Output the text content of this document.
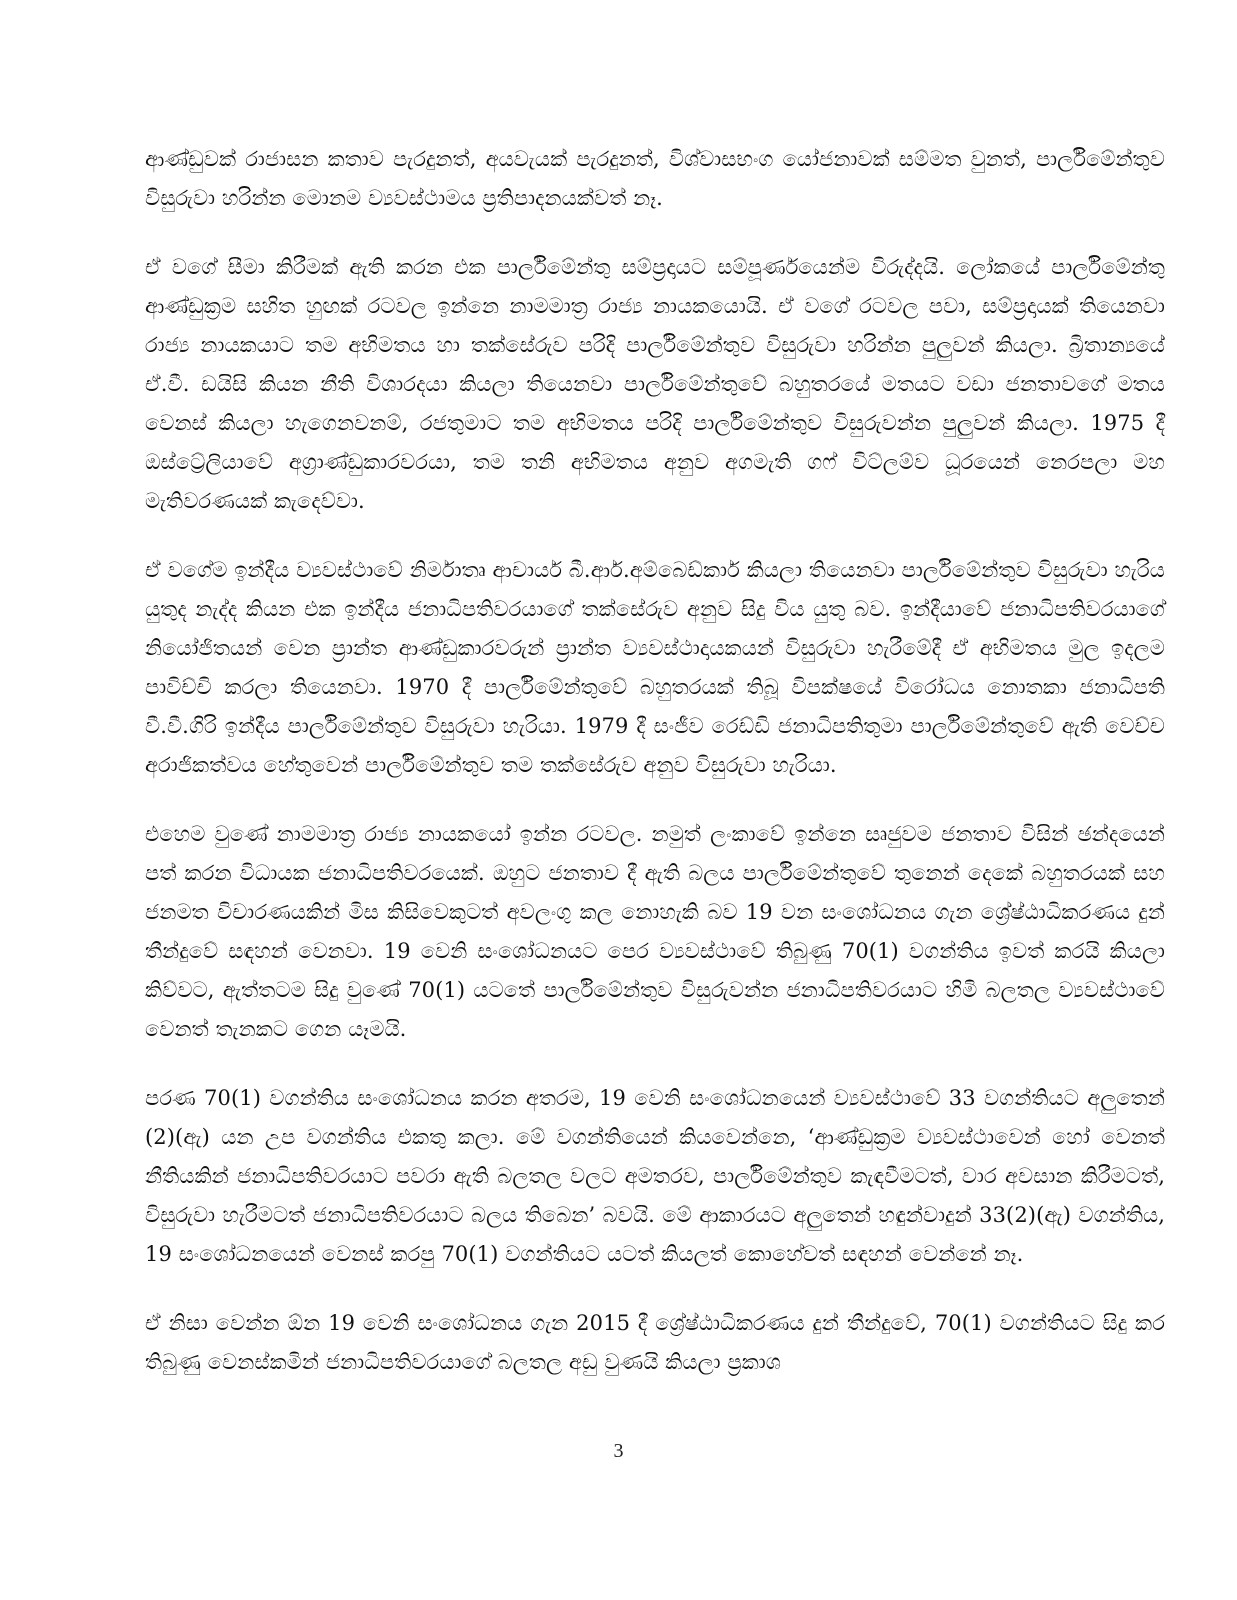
ආණ්ඩුවක් රාජාසන කතාව පැරදුනත්, අයවැයක් පැරදුනත්, විශ්වාසභංග යෝජනාවක් සම්මත වුනත්, පාර්ලිමේන්තුව විසුරුවා හරින්න මොනම ව්‍යවස්ථාමය ප්‍රතිපාදනයක්වත් නෑ.

ඒ වගේ සීමා කිරීමක් ඇති කරන එක පාර්ලිමේන්තු සම්ප්‍රදායට සම්පූර්ණයෙන්ම විරුද්දයි. ලෝකයේ පාර්ලිමේන්තු ආණ්ඩුක්‍රම සහිත හුඟක් රටවල ඉන්නෙ නාමමාත්‍ර රාජ්‍ය නායකයොයි. ඒ වගේ රටවල පවා, සම්ප්‍රදායක් තියෙනවා රාජ්‍ය නායකයාට තම අභිමතය හා තක්සේරුව පරිදි පාර්ලිමේන්තුව විසුරුවා හරින්න පුලුවන් කියලා. බ්‍රිතාන්‍යයේ ඒ.වී. ඩයිසි කියන නීති විශාරදයා කියලා තියෙනවා පාර්ලිමේන්තුවේ බහුතරයේ මතයට වඩා ජනතාවගේ මතය වෙනස් කියලා හැගෙනවනම්, රජතුමාට තම අභිමතය පරිදි පාර්ලිමේන්තුව විසුරුවන්න පුලුවන් කියලා. 1975 දී ඔස්ට්‍රේලියාවේ අග්‍රාණ්ඩුකාරවරයා, තම තනි අභිමතය අනුව අගමැති ගෆ් විට්ලම්ව ධූරයෙන් නෙරපලා මහ මැතිවරණයක් කැදෙව්වා.

ඒ වගේම ඉන්දීය ව්‍යවස්ථාවේ නිර්මාතෘ ආචාර්ය බී.ආර්.අම්බෙඩ්කාර් කියලා තියෙනවා පාර්ලිමේන්තුව විසුරුවා හැරිය යුතුද නැද්ද කියන එක ඉන්දීය ජනාධිපතිවරයාගේ තක්සේරුව අනුව සිදු විය යුතු බව. ඉන්දීයාවේ ජනාධිපතිවරයාගේ නියෝජිතයන් වෙන ප්‍රාන්ත ආණ්ඩුකාරවරුන් ප්‍රාන්ත ව්‍යවස්ථාදායකයන් විසුරුවා හැරීමේදී ඒ අභිමතය මුල ඉදලම පාවිච්චි කරලා තියෙනවා. 1970 දී පාර්ලිමේන්තුවේ බහුතරයක් තිබූ විපක්ෂයේ විරෝධය නොතකා ජනාධිපති වී.වී.ගිරි ඉන්දීය පාර්ලිමේන්තුව විසුරුවා හැරියා. 1979 දී සංජීව රෙඩ්ඩි ජනාධිපතිතුමා පාර්ලිමේන්තුවේ ඇති වෙච්ච අරාජිකත්වය හේතුවෙන් පාර්ලිමේන්තුව තම තක්සේරුව අනුව විසුරුවා හැරියා.

එහෙම වුණේ නාමමාත්‍ර රාජ්‍ය නායකයෝ ඉන්න රටවල. නමුත් ලංකාවේ ඉන්නෙ සෘජුවම ජනතාව විසින් ඡන්දයෙන් පත් කරන විධායක ජනාධිපතිවරයෙක්. ඔහුට ජනතාව දී ඇති බලය පාර්ලිමේන්තුවේ තුනෙන් දෙකේ බහුතරයක් සහ ජනමත විචාරණයකින් මිස කිසිවෙකුටත් අවලංගු කල නොහැකි බව 19 වන සංශෝධනය ගැන ශ්‍රේෂ්ඨාධිකරණය දුන් තීන්දුවේ සඳහන් වෙනවා. 19 වෙනි සංශෝධනයට පෙර ව්‍යවස්ථාවේ තිබුණු 70(1) වගන්තිය ඉවත් කරයි කියලා කිව්වට, ඇත්තටම සිදු වුණේ 70(1) යටතේ පාර්ලිමේන්තුව විසුරුවන්න ජනාධිපතිවරයාට හිමි බලතල ව්‍යවස්ථාවේ වෙනත් තැනකට ගෙන යෑමයි.

පරණ 70(1) වගන්තිය සංශෝධනය කරන අතරම, 19 වෙනි සංශෝධනයෙන් ව්‍යවස්ථාවේ 33 වගන්තියට අලුතෙන් (2)(ඇ) යන උප වගන්තිය එකතු කලා. මේ වගන්තියෙන් කියවෙන්නෙ, ‘ආණ්ඩුක්‍රම ව්‍යවස්ථාවෙන් හෝ වෙනත් නීතියකින් ජනාධිපතිවරයාට පවරා ඇති බලතල වලට අමතරව, පාර්ලිමේන්තුව කැඳවීමටත්, වාර අවසාන කිරීමටත්, විසුරුවා හැරීමටත් ජනාධිපතිවරයාට බලය තිබෙන’ බවයි. මේ ආකාරයට අලුතෙන් හඳුන්වාදුන් 33(2)(ඇ) වගන්තිය, 19 සංශෝධනයෙන් වෙනස් කරපු 70(1) වගන්තියට යටත් කියලත් කොහේවත් සඳහන් වෙන්නේ නෑ.

ඒ නිසා වෙන්න ඕන 19 වෙනි සංශෝධනය ගැන 2015 දී ශ්‍රේෂ්ඨාධිකරණය දුන් තීන්දුවේ, 70(1) වගන්තියට සිදු කර තිබුණු වෙනස්කමින් ජනාධිපතිවරයාගේ බලතල අඩු වුණයි කියලා ප්‍රකාශ

3
